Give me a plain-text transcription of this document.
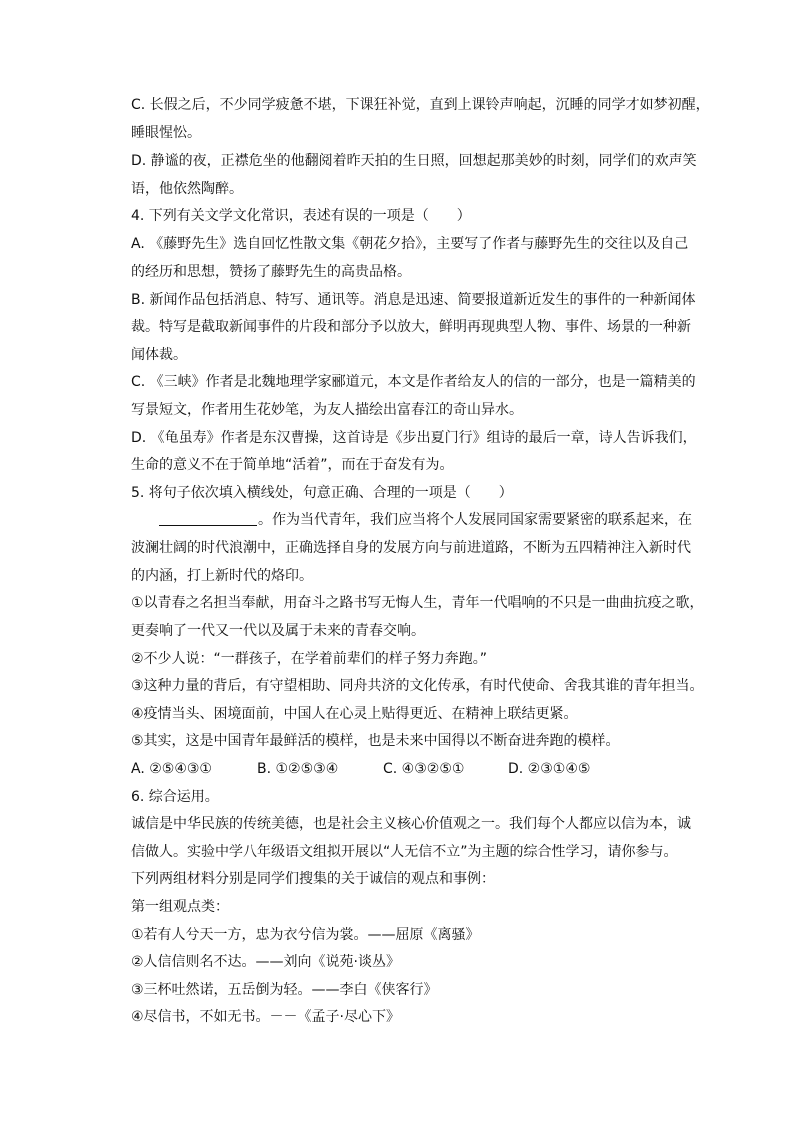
C. 长假之后，不少同学疲惫不堪，下课狂补觉，直到上课铃声响起，沉睡的同学才如梦初醒，
睡眼惺忪。
D. 静谧的夜，正襟危坐的他翻阅着昨天拍的生日照，回想起那美妙的时刻，同学们的欢声笑
语，他依然陶醉。
4. 下列有关文学文化常识，表述有误的一项是（　　）
A. 《藤野先生》选自回忆性散文集《朝花夕拾》，主要写了作者与藤野先生的交往以及自己
的经历和思想，赞扬了藤野先生的高贵品格。
B. 新闻作品包括消息、特写、通讯等。消息是迅速、简要报道新近发生的事件的一种新闻体
裁。特写是截取新闻事件的片段和部分予以放大，鲜明再现典型人物、事件、场景的一种新
闻体裁。
C. 《三峡》作者是北魏地理学家郦道元，本文是作者给友人的信的一部分，也是一篇精美的
写景短文，作者用生花妙笔，为友人描绘出富春江的奇山异水。
D. 《龟虽寿》作者是东汉曹操，这首诗是《步出夏门行》组诗的最后一章，诗人告诉我们，
生命的意义不在于简单地“活着”，而在于奋发有为。
5. 将句子依次填入横线处，句意正确、合理的一项是（　　）
。作为当代青年，我们应当将个人发展同国家需要紧密的联系起来，在
波澜壮阔的时代浪潮中，正确选择自身的发展方向与前进道路，不断为五四精神注入新时代
的内涵，打上新时代的烙印。
①以青春之名担当奉献，用奋斗之路书写无悔人生，青年一代唱响的不只是一曲曲抗疫之歌，
更奏响了一代又一代以及属于未来的青春交响。
②不少人说：“一群孩子，在学着前辈们的样子努力奔跑。”
③这种力量的背后，有守望相助、同舟共济的文化传承，有时代使命、舍我其谁的青年担当。
④疫情当头、困境面前，中国人在心灵上贴得更近、在精神上联结更紧。
⑤其实，这是中国青年最鲜活的模样，也是未来中国得以不断奋进奔跑的模样。
A. ②⑤④③①	B. ①②⑤③④	C. ④③②⑤①	D. ②③①④⑤
6. 综合运用。
诚信是中华民族的传统美德，也是社会主义核心价值观之一。我们每个人都应以信为本，诚
信做人。实验中学八年级语文组拟开展以“人无信不立”为主题的综合性学习，请你参与。
下列两组材料分别是同学们搜集的关于诚信的观点和事例：
第一组观点类：
①若有人兮天一方，忠为衣兮信为裳。——屈原《离骚》
②人信信则名不达。——刘向《说苑·谈丛》
③三杯吐然诺，五岳倒为轻。——李白《侠客行》
④尽信书，不如无书。－－《孟子·尽心下》
